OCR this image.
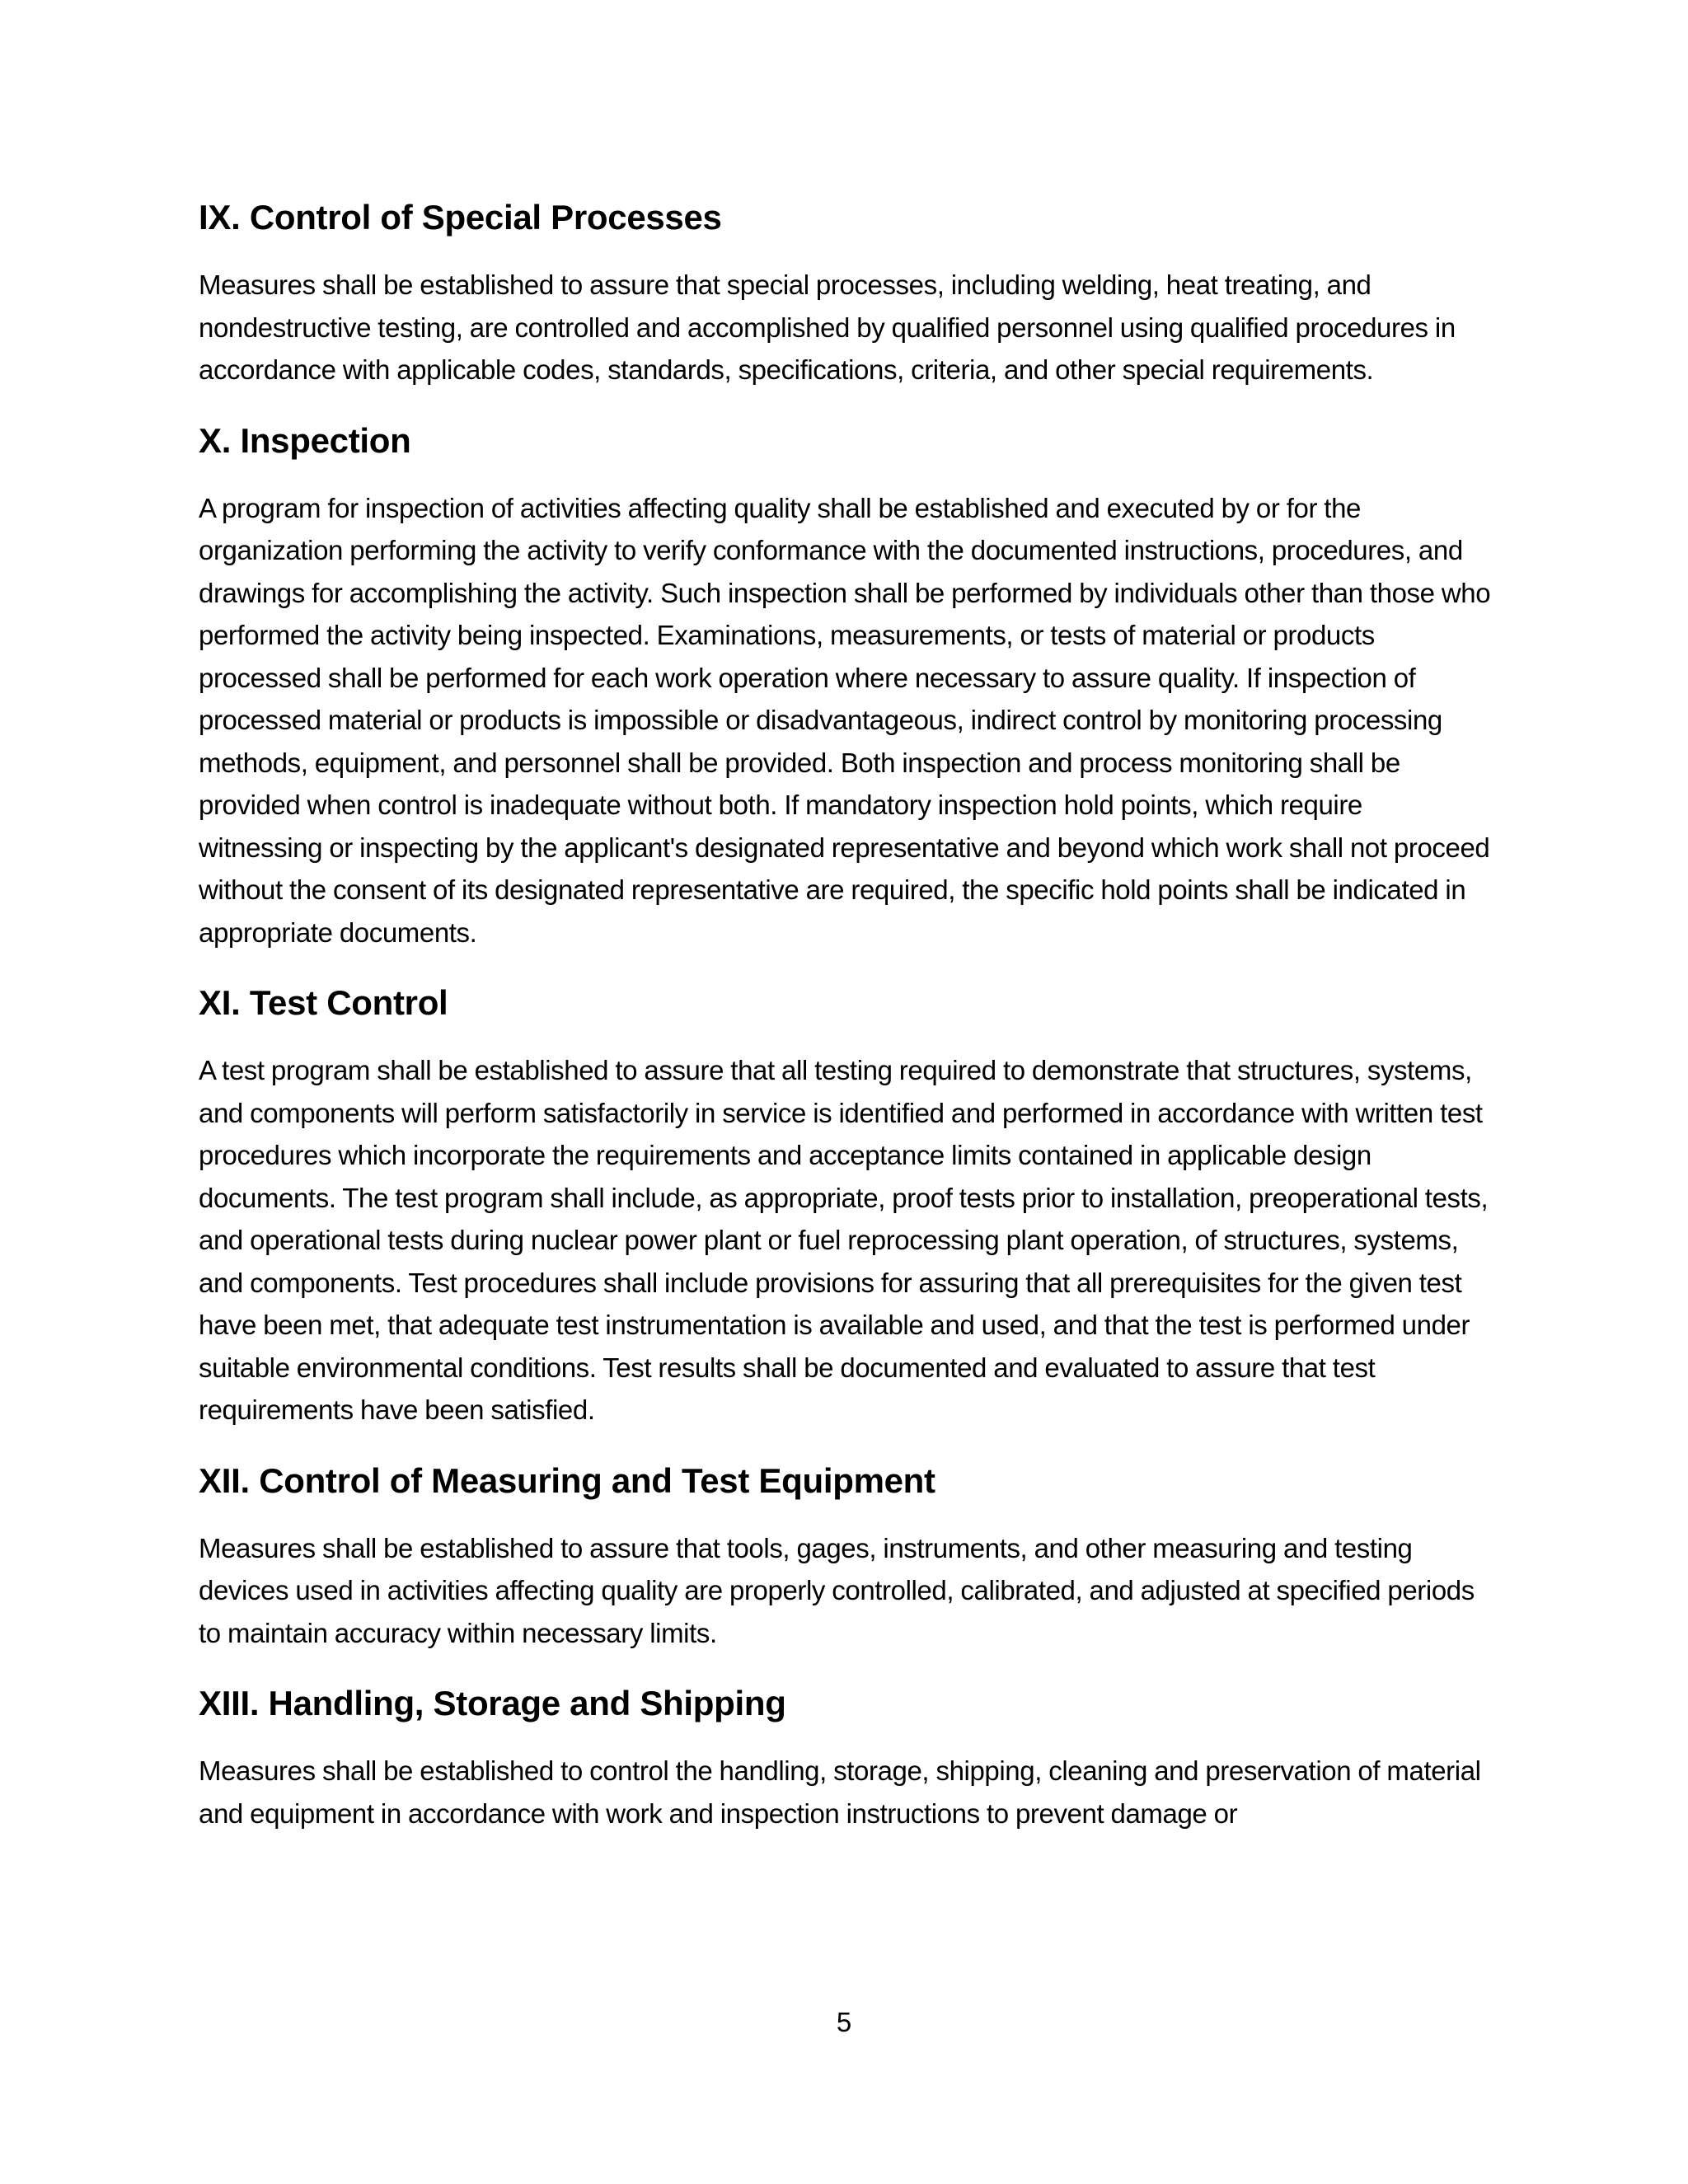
IX. Control of Special Processes

Measures shall be established to assure that special processes, including welding, heat treating, and nondestructive testing, are controlled and accomplished by qualified personnel using qualified procedures in accordance with applicable codes, standards, specifications, criteria, and other special requirements.

X. Inspection

A program for inspection of activities affecting quality shall be established and executed by or for the organization performing the activity to verify conformance with the documented instructions, procedures, and drawings for accomplishing the activity. Such inspection shall be performed by individuals other than those who performed the activity being inspected. Examinations, measurements, or tests of material or products processed shall be performed for each work operation where necessary to assure quality. If inspection of processed material or products is impossible or disadvantageous, indirect control by monitoring processing methods, equipment, and personnel shall be provided. Both inspection and process monitoring shall be provided when control is inadequate without both. If mandatory inspection hold points, which require witnessing or inspecting by the applicant's designated representative and beyond which work shall not proceed without the consent of its designated representative are required, the specific hold points shall be indicated in appropriate documents.

XI. Test Control

A test program shall be established to assure that all testing required to demonstrate that structures, systems, and components will perform satisfactorily in service is identified and performed in accordance with written test procedures which incorporate the requirements and acceptance limits contained in applicable design documents. The test program shall include, as appropriate, proof tests prior to installation, preoperational tests, and operational tests during nuclear power plant or fuel reprocessing plant operation, of structures, systems, and components. Test procedures shall include provisions for assuring that all prerequisites for the given test have been met, that adequate test instrumentation is available and used, and that the test is performed under suitable environmental conditions. Test results shall be documented and evaluated to assure that test requirements have been satisfied.

XII. Control of Measuring and Test Equipment

Measures shall be established to assure that tools, gages, instruments, and other measuring and testing devices used in activities affecting quality are properly controlled, calibrated, and adjusted at specified periods to maintain accuracy within necessary limits.

XIII. Handling, Storage and Shipping

Measures shall be established to control the handling, storage, shipping, cleaning and preservation of material and equipment in accordance with work and inspection instructions to prevent damage or

5
